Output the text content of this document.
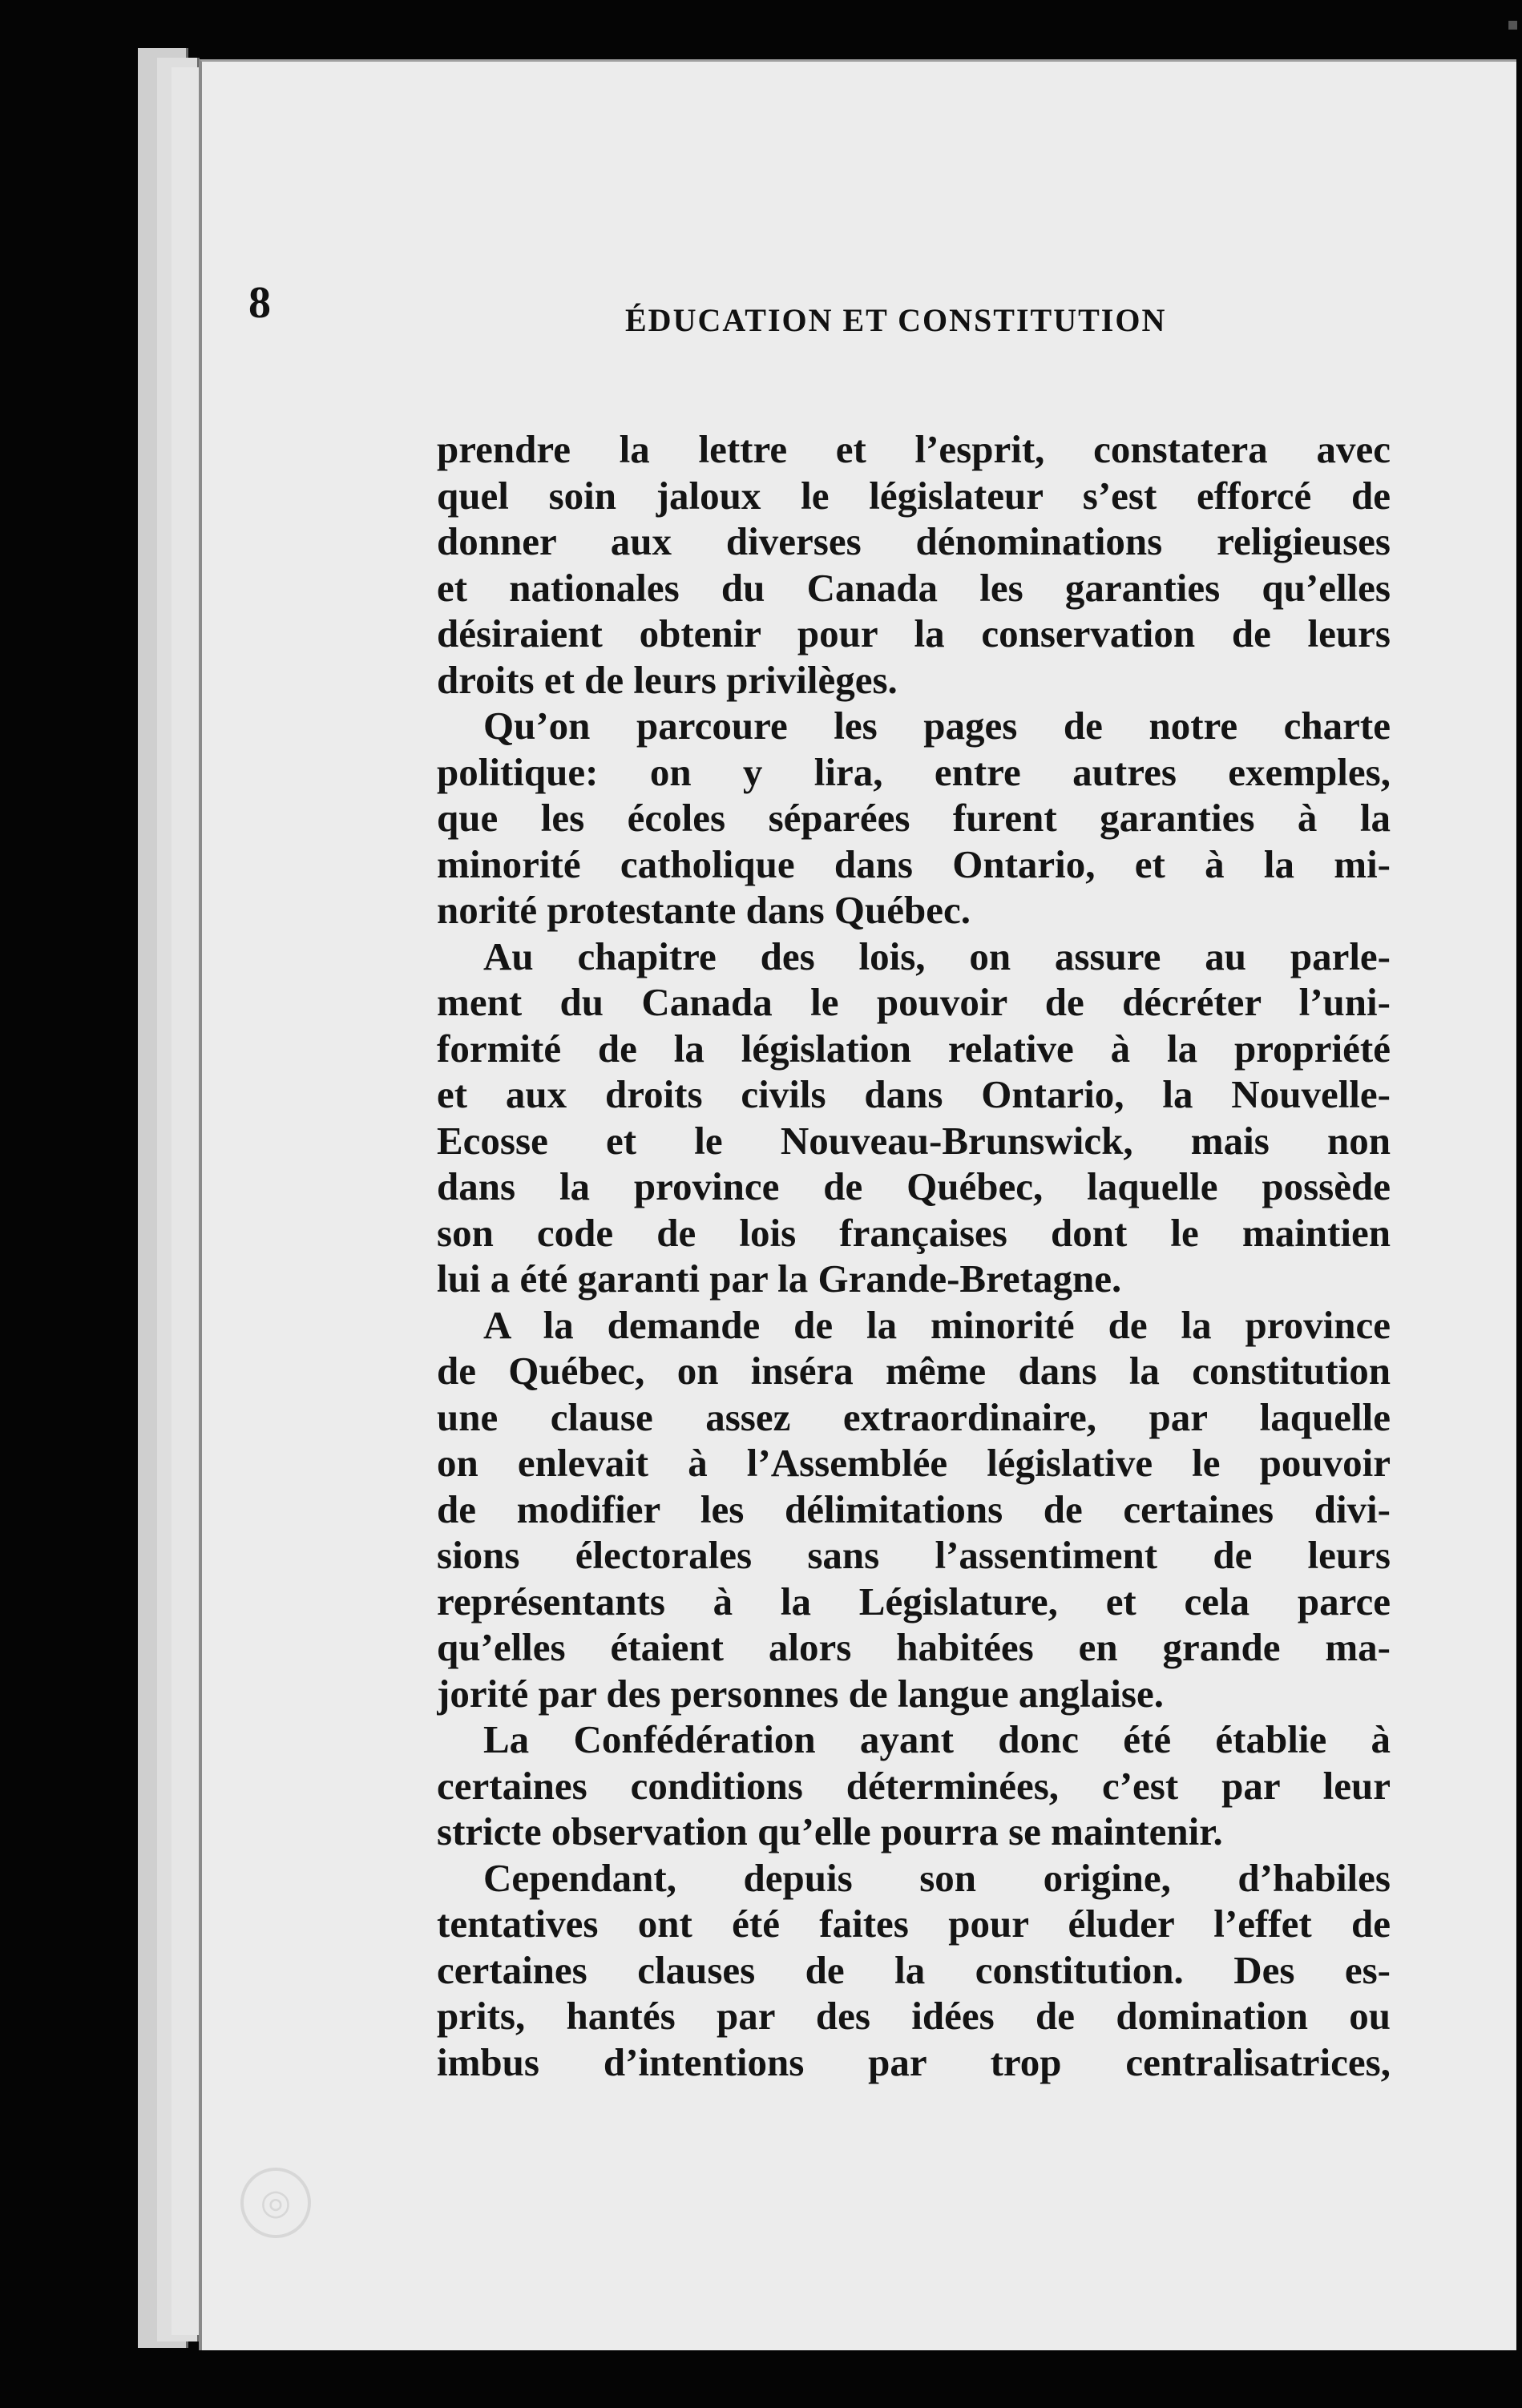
▪
8	ÉDUCATION ET CONSTITUTION
prendre la lettre et l’esprit, constatera avec
quel soin jaloux le législateur s’est efforcé de
donner aux diverses dénominations religieuses
et nationales du Canada les garanties qu’elles
désiraient obtenir pour la conservation de leurs
droits et de leurs privilèges.
Qu’on parcoure les pages de notre charte
politique: on y lira, entre autres exemples,
que les écoles séparées furent garanties à la
minorité catholique dans Ontario, et à la mi-
norité protestante dans Québec.
Au chapitre des lois, on assure au parle-
ment du Canada le pouvoir de décréter l’uni-
formité de la législation relative à la propriété
et aux droits civils dans Ontario, la Nouvelle-
Ecosse et le Nouveau-Brunswick, mais non
dans la province de Québec, laquelle possède
son code de lois françaises dont le maintien
lui a été garanti par la Grande-Bretagne.
A la demande de la minorité de la province
de Québec, on inséra même dans la constitution
une clause assez extraordinaire, par laquelle
on enlevait à l’Assemblée législative le pouvoir
de modifier les délimitations de certaines divi-
sions électorales sans l’assentiment de leurs
représentants à la Législature, et cela parce
qu’elles étaient alors habitées en grande ma-
jorité par des personnes de langue anglaise.
La Confédération ayant donc été établie à
certaines conditions déterminées, c’est par leur
stricte observation qu’elle pourra se maintenir.
Cependant, depuis son origine, d’habiles
tentatives ont été faites pour éluder l’effet de
certaines clauses de la constitution. Des es-
prits, hantés par des idées de domination ou
imbus d’intentions par trop centralisatrices,
◎
